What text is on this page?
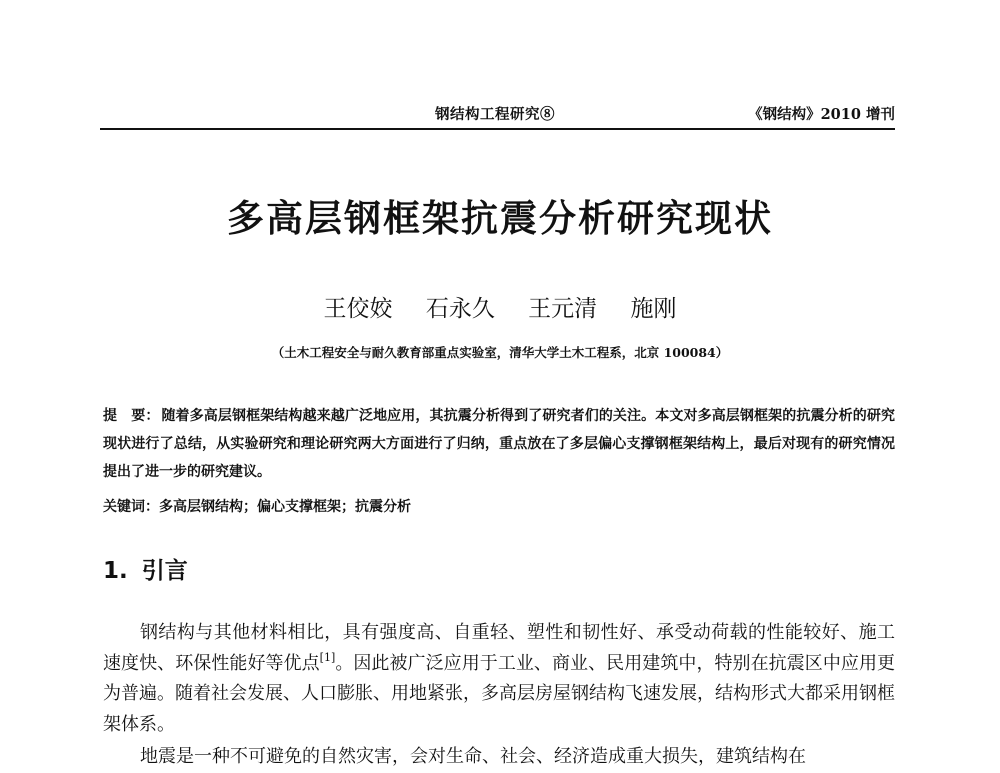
钢结构工程研究⑧	《钢结构》2010 增刊
多高层钢框架抗震分析研究现状
王佼姣 石永久 王元清 施刚
（土木工程安全与耐久教育部重点实验室，清华大学土木工程系，北京 100084）
提　要： 随着多高层钢框架结构越来越广泛地应用，其抗震分析得到了研究者们的关注。本文对多高层钢框架的抗震分析的研究现状进行了总结，从实验研究和理论研究两大方面进行了归纳，重点放在了多层偏心支撑钢框架结构上，最后对现有的研究情况提出了进一步的研究建议。
关键词：多高层钢结构；偏心支撑框架；抗震分析
1. 引言
钢结构与其他材料相比，具有强度高、自重轻、塑性和韧性好、承受动荷载的性能较好、施工速度快、环保性能好等优点[1]。因此被广泛应用于工业、商业、民用建筑中，特别在抗震区中应用更为普遍。随着社会发展、人口膨胀、用地紧张，多高层房屋钢结构飞速发展，结构形式大都采用钢框架体系。
地震是一种不可避免的自然灾害，会对生命、社会、经济造成重大损失，建筑结构在
